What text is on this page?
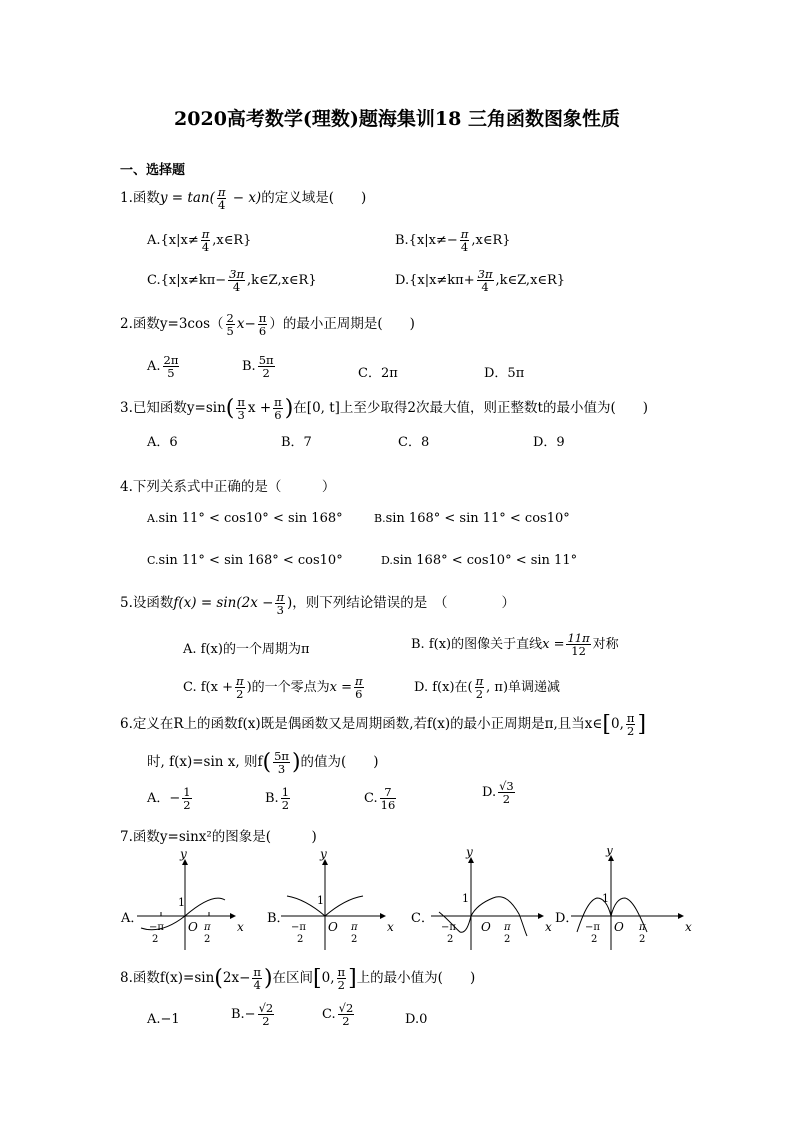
2020高考数学(理数)题海集训18 三角函数图象性质
一、选择题
1.函数$y = \tan( \frac{\pi}{4} - x)$的定义域是(　　)
$A.\{x|x\ne \frac{\pi}{4}$ ,x∈R}	$B.\{x|x\ne- \frac{\pi}{4}$ ,x∈R}
$C.\{x|x\ne k\pi- \frac{3\pi}{4}$ ,k∈Z,x∈R}	$D.\{x|x\ne k\pi+ \frac{3\pi}{4}$ ,k∈Z,x∈R}
2.函数$y=3\cos( \frac{2}{5} x- \frac{\pi}{6}$ ）的最小正周期是(　　)
A. $\frac{2\pi}{5}$	B. $\frac{5\pi}{2}$	C．2π	D．5π
3.已知函数$y=\sin( \frac{\pi}{3}$ $x + \frac{\pi}{6}$ )在[0, t]上至少取得2次最大值，则正整数t的最小值为(　　)
A．6	B．7	C．8	D．9
4.下列关系式中正确的是（　　　）
A.sin 11° < cos10° < sin 168°	B.sin 168° < sin 11° < cos10°
C.sin 11° < sin 168° < cos10°	D.sin 168° < cos10° < sin 11°
5.设函数$f(x) = \sin(2x - \frac{\pi}{3}$ )，则下列结论错误的是　（　　　　）
A. f(x)的一个周期为π	B. f(x)的图像关于直线$x = \frac{11\pi}{12}$ 对称
C. $f(x + \frac{\pi}{2}$ )的一个零点为$x = \frac{\pi}{6}$	D. f(x)在( $\frac{\pi}{2}$ , π)单调递减
6.定义在R上的函数f(x)既是偶函数又是周期函数,若f(x)的最小正周期是π,且当x∈[0, $\frac{\pi}{2}$ ]
时, f(x)=sin x, 则$f( \frac{5\pi}{3}$ )的值为(　　)
A．− $\frac{1}{2}$	B. $\frac{1}{2}$	C. $\frac{7}{16}$	D. $\frac{√3}{2}$
7.函数y=sinx²的图象是(　　　)
A．
y
x
O
1
−π
2
π
2
B．
y
x
O
1
−π
2
π
2
C．
y
x
O
1
−π
2
π
2
D．
y
x
O
1
−π
2
π
2
8.函数$f(x)=\sin(2x- \frac{\pi}{4}$ )在区间[0, $\frac{\pi}{2}$ ]上的最小值为(　　)
A.−1	$B.- \frac{√2}{2}$	C. $\frac{√2}{2}$	D.0
